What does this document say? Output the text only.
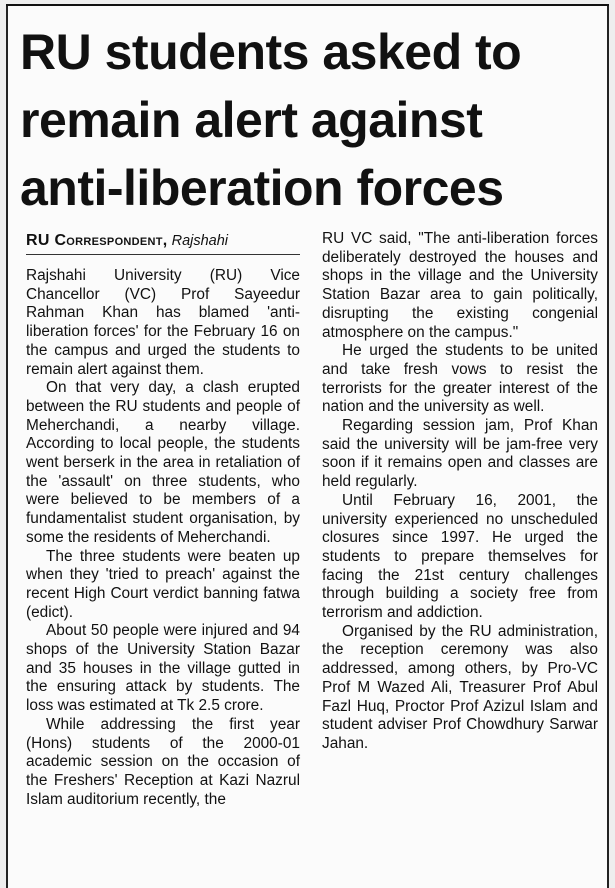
RU students asked to
remain alert against
anti-liberation forces
RU Correspondent, Rajshahi

Rajshahi University (RU) Vice Chancellor (VC) Prof Sayeedur Rahman Khan has blamed 'anti-liberation forces' for the February 16 on the campus and urged the students to remain alert against them.

On that very day, a clash erupted between the RU students and people of Meherchandi, a nearby village. According to local people, the students went berserk in the area in retaliation of the 'assault' on three students, who were believed to be members of a fundamentalist student organisation, by some the residents of Meherchandi.

The three students were beaten up when they 'tried to preach' against the recent High Court verdict banning fatwa (edict).

About 50 people were injured and 94 shops of the University Station Bazar and 35 houses in the village gutted in the ensuring attack by students. The loss was estimated at Tk 2.5 crore.

While addressing the first year (Hons) students of the 2000-01 academic session on the occasion of the Freshers' Reception at Kazi Nazrul Islam auditorium recently, the

RU VC said, "The anti-liberation forces deliberately destroyed the houses and shops in the village and the University Station Bazar area to gain politically, disrupting the existing congenial atmosphere on the campus."

He urged the students to be united and take fresh vows to resist the terrorists for the greater interest of the nation and the university as well.

Regarding session jam, Prof Khan said the university will be jam-free very soon if it remains open and classes are held regularly.

Until February 16, 2001, the university experienced no unscheduled closures since 1997. He urged the students to prepare themselves for facing the 21st century challenges through building a society free from terrorism and addiction.

Organised by the RU administration, the reception ceremony was also addressed, among others, by Pro-VC Prof M Wazed Ali, Treasurer Prof Abul Fazl Huq, Proctor Prof Azizul Islam and student adviser Prof Chowdhury Sarwar Jahan.
